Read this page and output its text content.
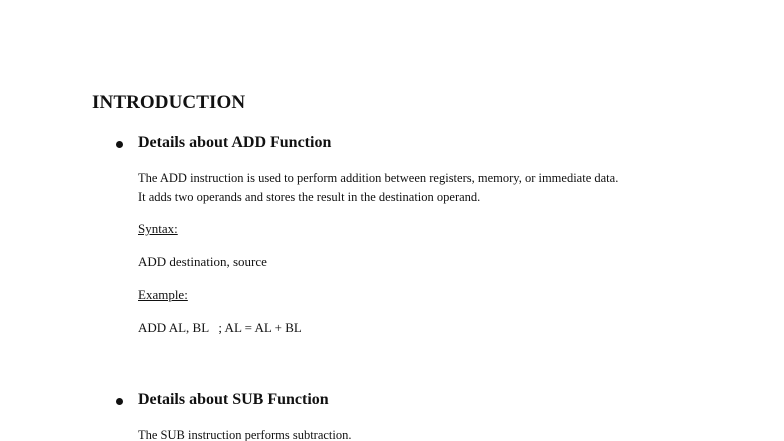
INTRODUCTION
Details about ADD Function
The ADD instruction is used to perform addition between registers, memory, or immediate data.
It adds two operands and stores the result in the destination operand.
Syntax:
ADD destination, source
Example:
ADD AL, BL   ; AL = AL + BL
Details about SUB Function
The SUB instruction performs subtraction.
